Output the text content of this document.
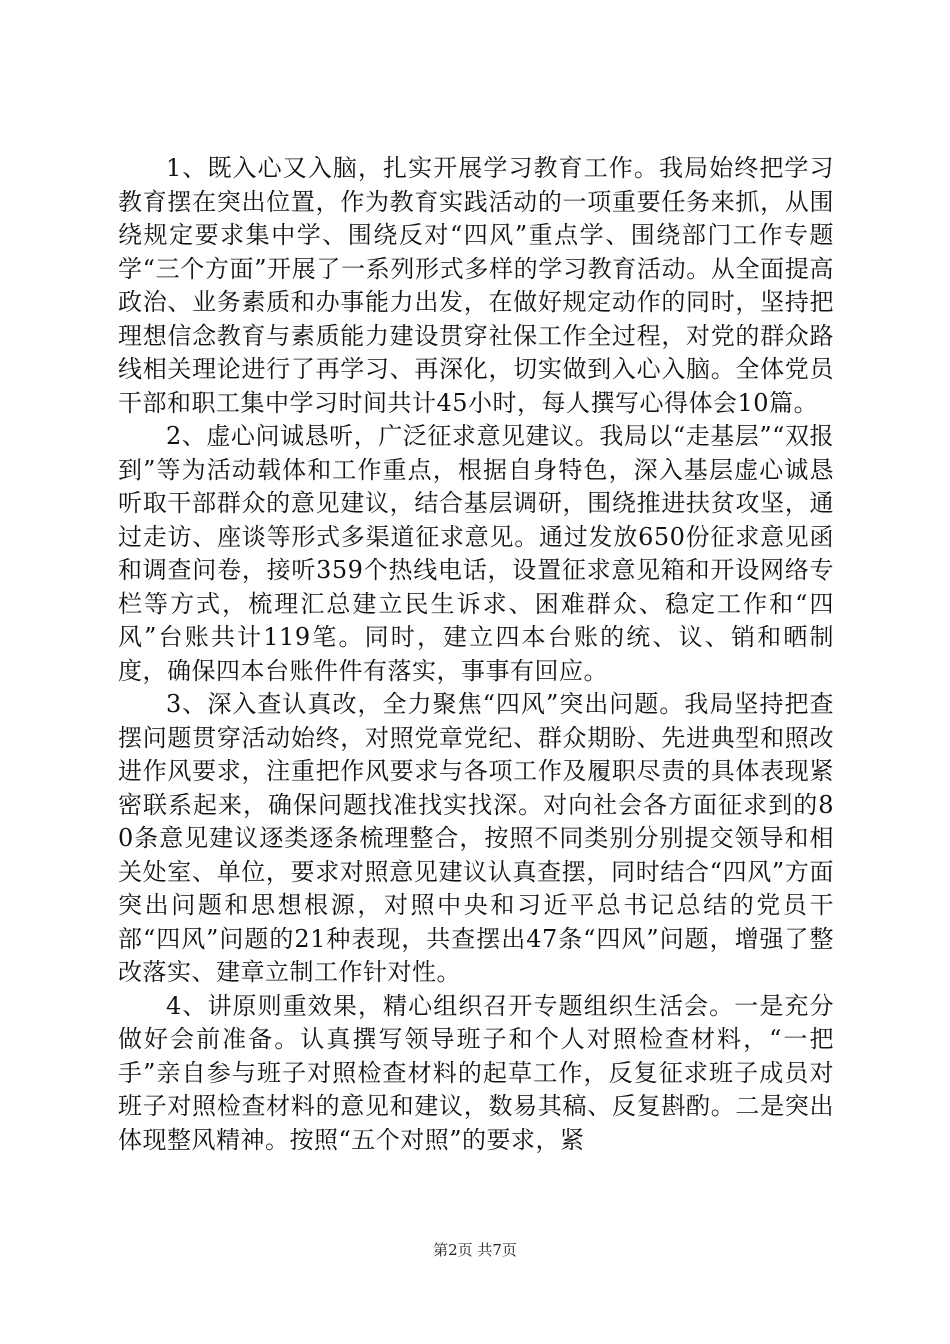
1、既入心又入脑，扎实开展学习教育工作。我局始终把学习教育摆在突出位置，作为教育实践活动的一项重要任务来抓，从围绕规定要求集中学、围绕反对“四风”重点学、围绕部门工作专题学“三个方面”开展了一系列形式多样的学习教育活动。从全面提高政治、业务素质和办事能力出发，在做好规定动作的同时，坚持把理想信念教育与素质能力建设贯穿社保工作全过程，对党的群众路线相关理论进行了再学习、再深化，切实做到入心入脑。全体党员干部和职工集中学习时间共计45小时，每人撰写心得体会10篇。

2、虚心问诚恳听，广泛征求意见建议。我局以“走基层”“双报到”等为活动载体和工作重点，根据自身特色，深入基层虚心诚恳听取干部群众的意见建议，结合基层调研，围绕推进扶贫攻坚，通过走访、座谈等形式多渠道征求意见。通过发放650份征求意见函和调查问卷，接听359个热线电话，设置征求意见箱和开设网络专栏等方式，梳理汇总建立民生诉求、困难群众、稳定工作和“四风”台账共计119笔。同时，建立四本台账的统、议、销和晒制度，确保四本台账件件有落实，事事有回应。

3、深入查认真改，全力聚焦“四风”突出问题。我局坚持把查摆问题贯穿活动始终，对照党章党纪、群众期盼、先进典型和照改进作风要求，注重把作风要求与各项工作及履职尽责的具体表现紧密联系起来，确保问题找准找实找深。对向社会各方面征求到的80条意见建议逐类逐条梳理整合，按照不同类别分别提交领导和相关处室、单位，要求对照意见建议认真查摆，同时结合“四风”方面突出问题和思想根源，对照中央和习近平总书记总结的党员干部“四风”问题的21种表现，共查摆出47条“四风”问题，增强了整改落实、建章立制工作针对性。

4、讲原则重效果，精心组织召开专题组织生活会。一是充分做好会前准备。认真撰写领导班子和个人对照检查材料，“一把手”亲自参与班子对照检查材料的起草工作，反复征求班子成员对班子对照检查材料的意见和建议，数易其稿、反复斟酌。二是突出体现整风精神。按照“五个对照”的要求，紧

第2页 共7页
